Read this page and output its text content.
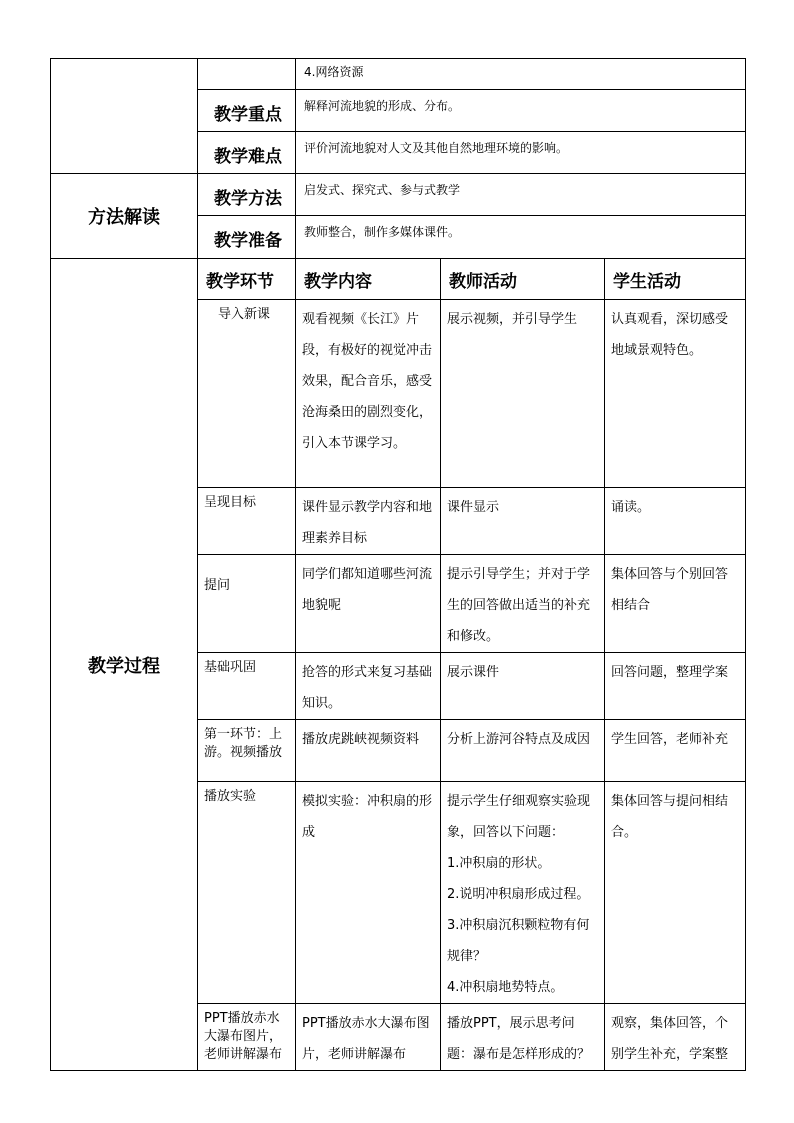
		4.网络资源		
	教学重点	解释河流地貌的形成、分布。		
	教学难点	评价河流地貌对人文及其他自然地理环境的影响。		
方法解读	教学方法	启发式、探究式、参与式教学		
	教学准备	教师整合，制作多媒体课件。		
教学过程	教学环节	教学内容	教师活动	学生活动
	导入新课	观看视频《长江》片段，有极好的视觉冲击效果，配合音乐，感受沧海桑田的剧烈变化，引入本节课学习。	展示视频，并引导学生	认真观看，深切感受地域景观特色。
	呈现目标	课件显示教学内容和地理素养目标	课件显示	诵读。
	提问	同学们都知道哪些河流地貌呢	提示引导学生；并对于学生的回答做出适当的补充和修改。	集体回答与个别回答相结合
	基础巩固	抢答的形式来复习基础知识。	展示课件	回答问题，整理学案
	第一环节：上游。视频播放	播放虎跳峡视频资料	分析上游河谷特点及成因	学生回答，老师补充
	播放实验	模拟实验：冲积扇的形成	提示学生仔细观察实验现象，回答以下问题：
1.冲积扇的形状。
2.说明冲积扇形成过程。
3.冲积扇沉积颗粒物有何规律？
4.冲积扇地势特点。	集体回答与提问相结合。
	PPT播放赤水大瀑布图片，老师讲解瀑布	PPT播放赤水大瀑布图片，老师讲解瀑布	播放PPT，展示思考问题：瀑布是怎样形成的？	观察，集体回答，个别学生补充，学案整
